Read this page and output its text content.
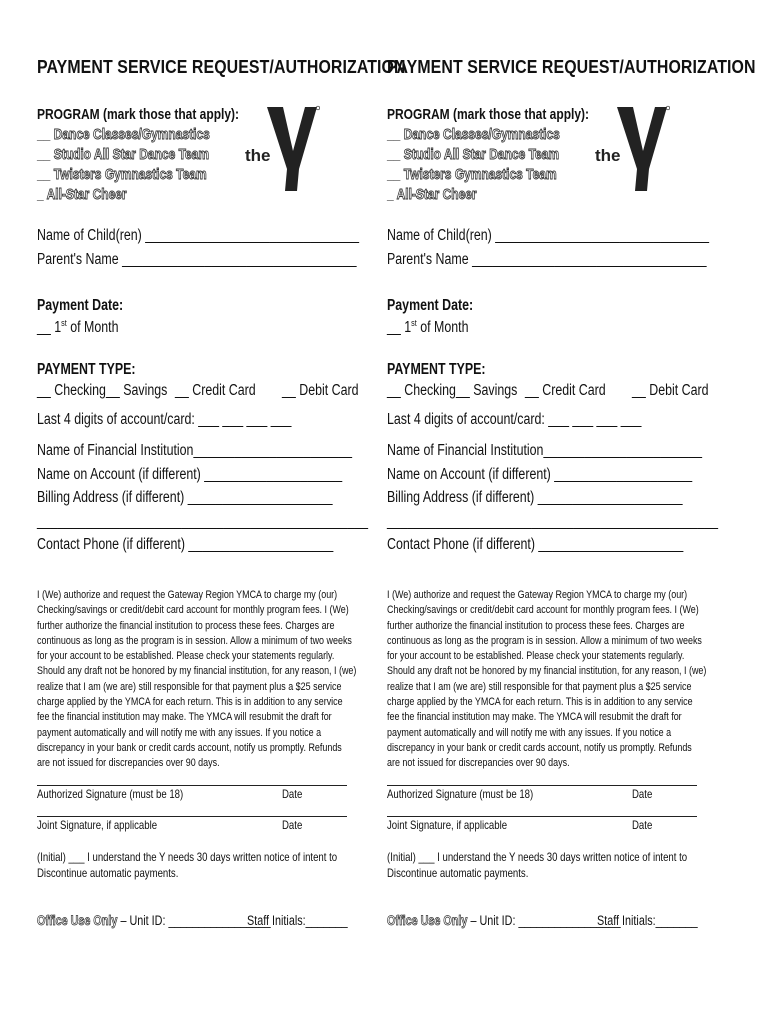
PAYMENT SERVICE REQUEST/AUTHORIZATION
PROGRAM (mark those that apply):
__ Dance Classes/Gymnastics
__ Studio All Star Dance Team
__ Twisters Gymnastics Team
_ All-Star Cheer
the
YMCA
Name of Child(ren) _______________________________
Parent's Name __________________________________
Payment Date:
__ 1st of Month
PAYMENT TYPE:
__ Checking __ Savings __ Credit Card __ Debit Card
Last 4 digits of account/card: ___ ___ ___ ___
Name of Financial Institution_______________________
Name on Account (if different) ____________________
Billing Address (if different) _____________________
________________________________________________
Contact Phone (if different) _____________________
I (We) authorize and request the Gateway Region YMCA to charge my (our) Checking/savings or credit/debit card account for monthly program fees. I (We) further authorize the financial institution to process these fees. Charges are continuous as long as the program is in session. Allow a minimum of two weeks for your account to be established. Please check your statements regularly. Should any draft not be honored by my financial institution, for any reason, I (we) realize that I am (we are) still responsible for that payment plus a $25 service charge applied by the YMCA for each return. This is in addition to any service fee the financial institution may make. The YMCA will resubmit the draft for payment automatically and will notify me with any issues. If you notice a discrepancy in your bank or credit cards account, notify us promptly. Refunds are not issued for discrepancies over 90 days.
Authorized Signature (must be 18)	Date
Joint Signature, if applicable	Date
(Initial) ___ I understand the Y needs 30 days written notice of intent to
Discontinue automatic payments.
Office Use Only – Unit ID: _________________
Staff Initials:_______
PAYMENT SERVICE REQUEST/AUTHORIZATION
PROGRAM (mark those that apply):
__ Dance Classes/Gymnastics
__ Studio All Star Dance Team
__ Twisters Gymnastics Team
_ All-Star Cheer
the
YMCA
Name of Child(ren) _______________________________
Parent's Name __________________________________
Payment Date:
__ 1st of Month
PAYMENT TYPE:
__ Checking __ Savings __ Credit Card __ Debit Card
Last 4 digits of account/card: ___ ___ ___ ___
Name of Financial Institution_______________________
Name on Account (if different) ____________________
Billing Address (if different) _____________________
________________________________________________
Contact Phone (if different) _____________________
I (We) authorize and request the Gateway Region YMCA to charge my (our) Checking/savings or credit/debit card account for monthly program fees. I (We) further authorize the financial institution to process these fees. Charges are continuous as long as the program is in session. Allow a minimum of two weeks for your account to be established. Please check your statements regularly. Should any draft not be honored by my financial institution, for any reason, I (we) realize that I am (we are) still responsible for that payment plus a $25 service charge applied by the YMCA for each return. This is in addition to any service fee the financial institution may make. The YMCA will resubmit the draft for payment automatically and will notify me with any issues. If you notice a discrepancy in your bank or credit cards account, notify us promptly. Refunds are not issued for discrepancies over 90 days.
Authorized Signature (must be 18)	Date
Joint Signature, if applicable	Date
(Initial) ___ I understand the Y needs 30 days written notice of intent to
Discontinue automatic payments.
Office Use Only – Unit ID: _________________
Staff Initials:_______
